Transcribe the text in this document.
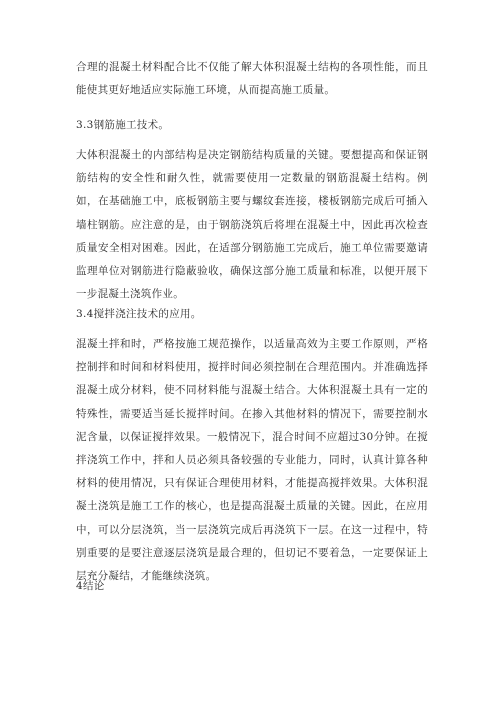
合理的混凝土材料配合比不仅能了解大体积混凝土结构的各项性能，而且能使其更好地适应实际施工环境，从而提高施工质量。

3.3钢筋施工技术。

大体积混凝土的内部结构是决定钢筋结构质量的关键。要想提高和保证钢筋结构的安全性和耐久性，就需要使用一定数量的钢筋混凝土结构。例如，在基础施工中，底板钢筋主要与螺纹套连接，楼板钢筋完成后可插入墙柱钢筋。应注意的是，由于钢筋浇筑后将埋在混凝土中，因此再次检查质量安全相对困难。因此，在适部分钢筋施工完成后，施工单位需要邀请监理单位对钢筋进行隐蔽验收，确保这部分施工质量和标准，以便开展下一步混凝土浇筑作业。

3.4搅拌浇注技术的应用。

混凝土拌和时，严格按施工规范操作，以适量高效为主要工作原则，严格控制拌和时间和材料使用，搅拌时间必须控制在合理范围内。并准确选择混凝土成分材料，使不同材料能与混凝土结合。大体积混凝土具有一定的特殊性，需要适当延长搅拌时间。在掺入其他材料的情况下，需要控制水泥含量，以保证搅拌效果。一般情况下，混合时间不应超过30分钟。在搅拌浇筑工作中，拌和人员必须具备较强的专业能力，同时，认真计算各种材料的使用情况，只有保证合理使用材料，才能提高搅拌效果。大体积混凝土浇筑是施工工作的核心，也是提高混凝土质量的关键。因此，在应用中，可以分层浇筑，当一层浇筑完成后再浇筑下一层。在这一过程中，特别重要的是要注意逐层浇筑是最合理的，但切记不要着急，一定要保证上层充分凝结，才能继续浇筑。

4结论
